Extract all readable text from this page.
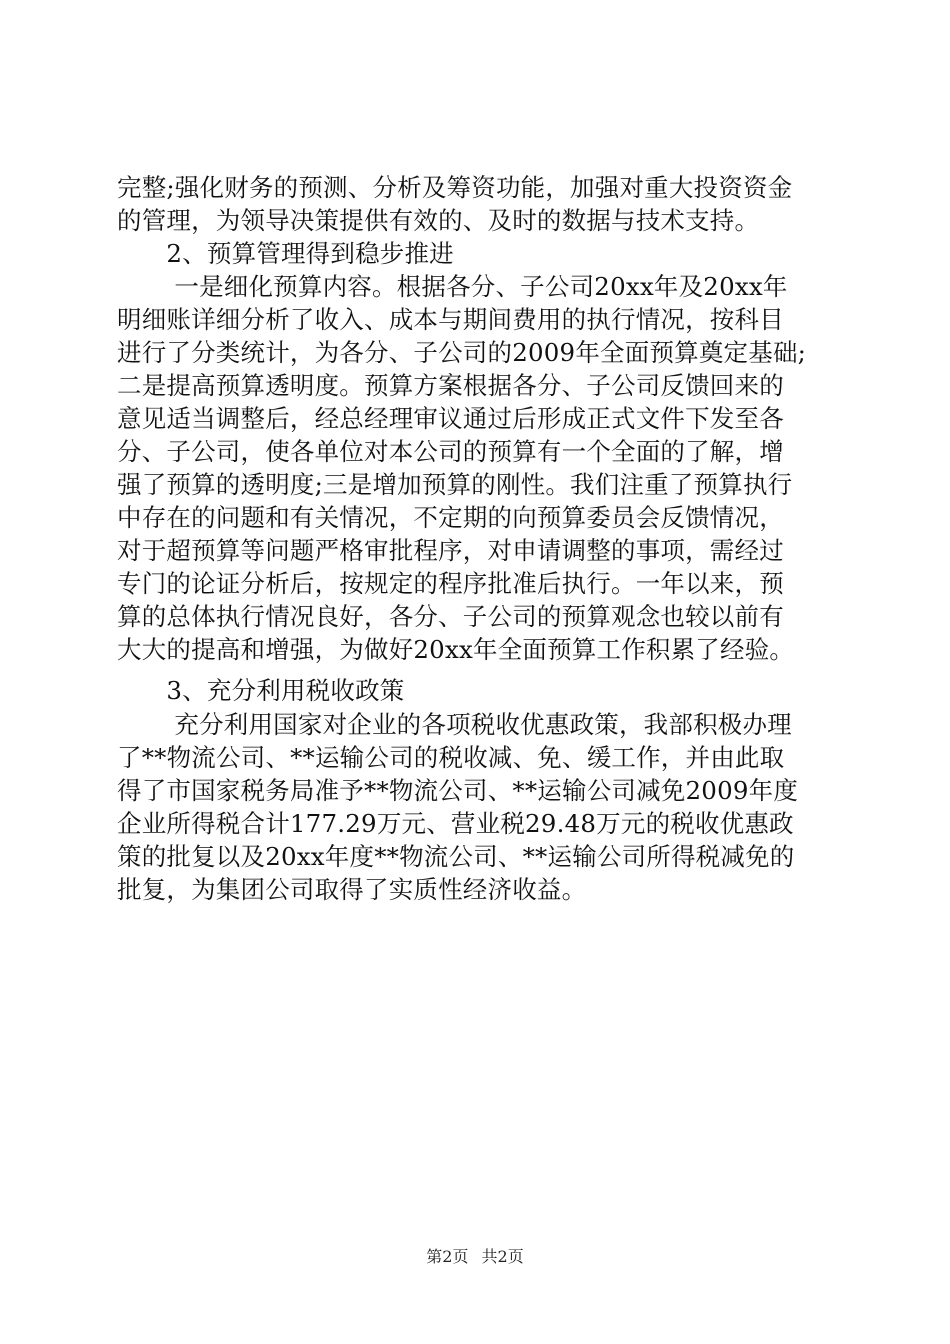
完整;强化财务的预测、分析及筹资功能，加强对重大投资资金
的管理，为领导决策提供有效的、及时的数据与技术支持。
　　2、预算管理得到稳步推进
　　 一是细化预算内容。根据各分、子公司20xx年及20xx年
明细账详细分析了收入、成本与期间费用的执行情况，按科目
进行了分类统计，为各分、子公司的2009年全面预算奠定基础;
二是提高预算透明度。预算方案根据各分、子公司反馈回来的
意见适当调整后，经总经理审议通过后形成正式文件下发至各
分、子公司，使各单位对本公司的预算有一个全面的了解，增
强了预算的透明度;三是增加预算的刚性。我们注重了预算执行
中存在的问题和有关情况，不定期的向预算委员会反馈情况，
对于超预算等问题严格审批程序，对申请调整的事项，需经过
专门的论证分析后，按规定的程序批准后执行。一年以来，预
算的总体执行情况良好，各分、子公司的预算观念也较以前有
大大的提高和增强，为做好20xx年全面预算工作积累了经验。
　　3、充分利用税收政策
　　 充分利用国家对企业的各项税收优惠政策，我部积极办理
了**物流公司、**运输公司的税收减、免、缓工作，并由此取
得了市国家税务局准予**物流公司、**运输公司减免2009年度
企业所得税合计177.29万元、营业税29.48万元的税收优惠政
策的批复以及20xx年度**物流公司、**运输公司所得税减免的
批复，为集团公司取得了实质性经济收益。
第2页 共2页
